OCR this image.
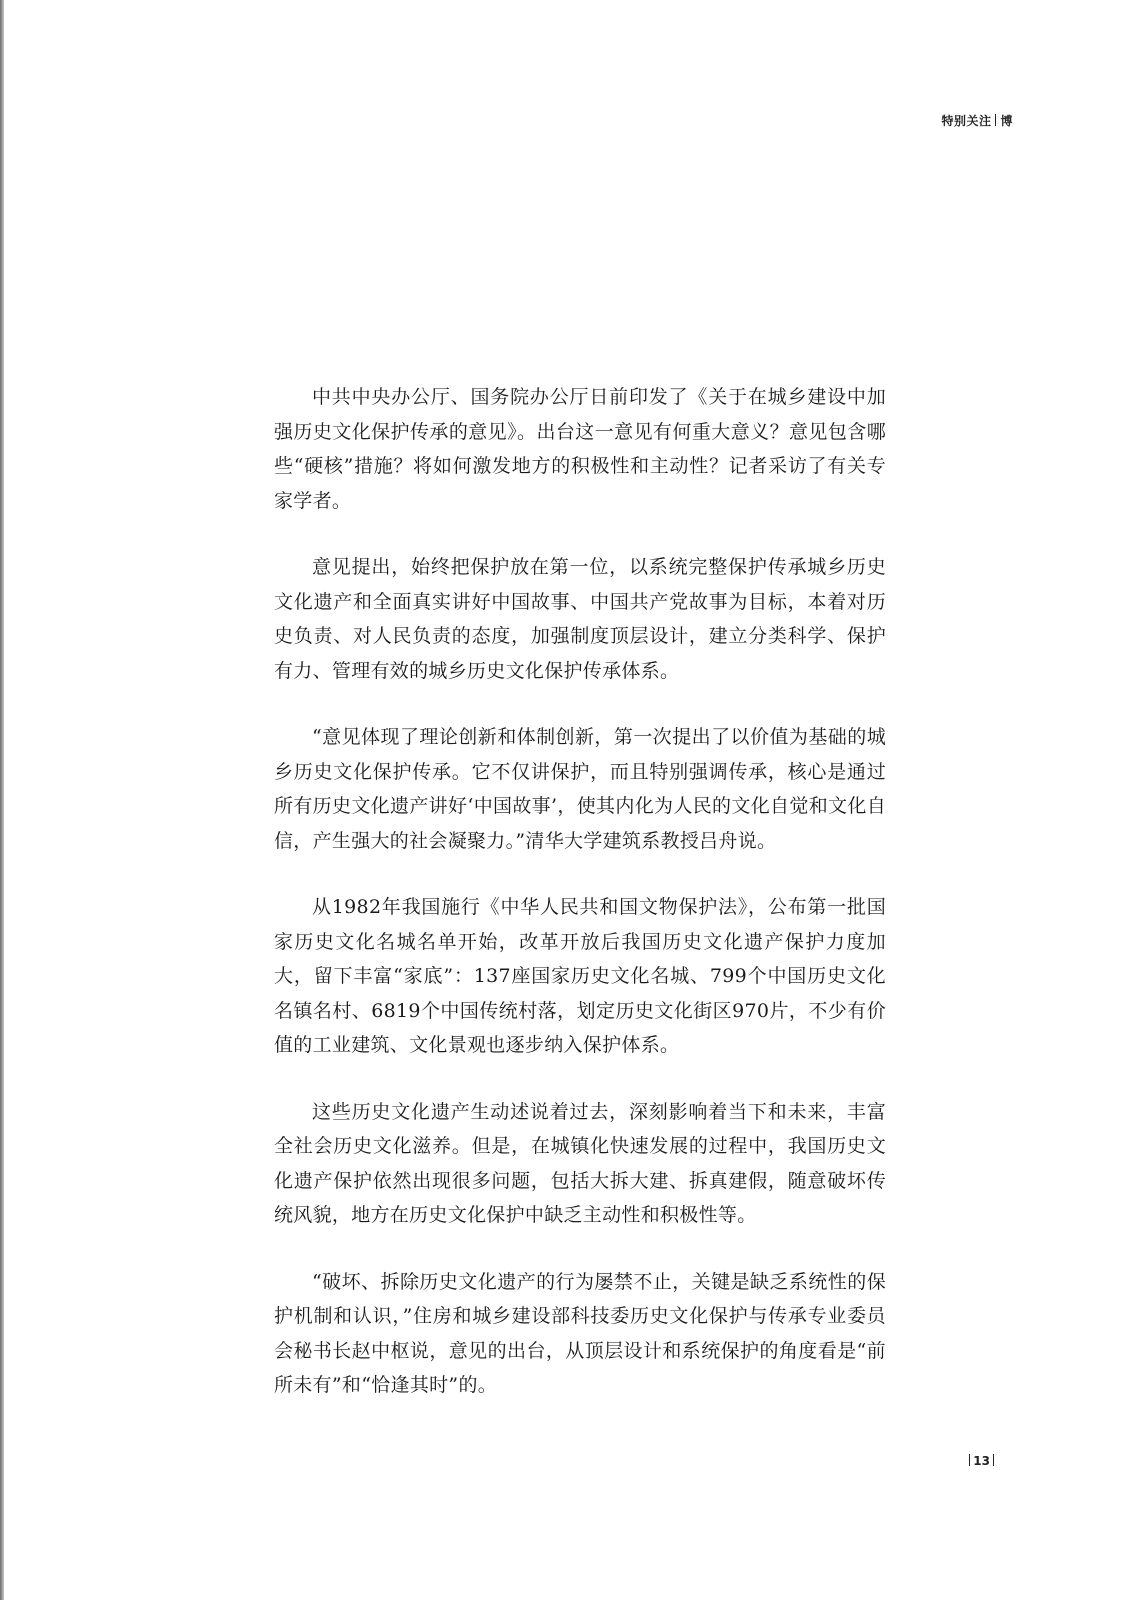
特别关注 博

中共中央办公厅、国务院办公厅日前印发了《关于在城乡建设中加强历史文化保护传承的意见》。出台这一意见有何重大意义？意见包含哪些“硬核”措施？将如何激发地方的积极性和主动性？记者采访了有关专家学者。

意见提出，始终把保护放在第一位，以系统完整保护传承城乡历史文化遗产和全面真实讲好中国故事、中国共产党故事为目标，本着对历史负责、对人民负责的态度，加强制度顶层设计，建立分类科学、保护有力、管理有效的城乡历史文化保护传承体系。

“意见体现了理论创新和体制创新，第一次提出了以价值为基础的城乡历史文化保护传承。它不仅讲保护，而且特别强调传承，核心是通过所有历史文化遗产讲好‘中国故事’，使其内化为人民的文化自觉和文化自信，产生强大的社会凝聚力。”清华大学建筑系教授吕舟说。

从1982年我国施行《中华人民共和国文物保护法》，公布第一批国家历史文化名城名单开始，改革开放后我国历史文化遗产保护力度加大，留下丰富“家底”：137座国家历史文化名城、799个中国历史文化名镇名村、6819个中国传统村落，划定历史文化街区970片，不少有价值的工业建筑、文化景观也逐步纳入保护体系。

这些历史文化遗产生动述说着过去，深刻影响着当下和未来，丰富全社会历史文化滋养。但是，在城镇化快速发展的过程中，我国历史文化遗产保护依然出现很多问题，包括大拆大建、拆真建假，随意破坏传统风貌，地方在历史文化保护中缺乏主动性和积极性等。

“破坏、拆除历史文化遗产的行为屡禁不止，关键是缺乏系统性的保护机制和认识，”住房和城乡建设部科技委历史文化保护与传承专业委员会秘书长赵中枢说，意见的出台，从顶层设计和系统保护的角度看是“前所未有”和“恰逢其时”的。

13
